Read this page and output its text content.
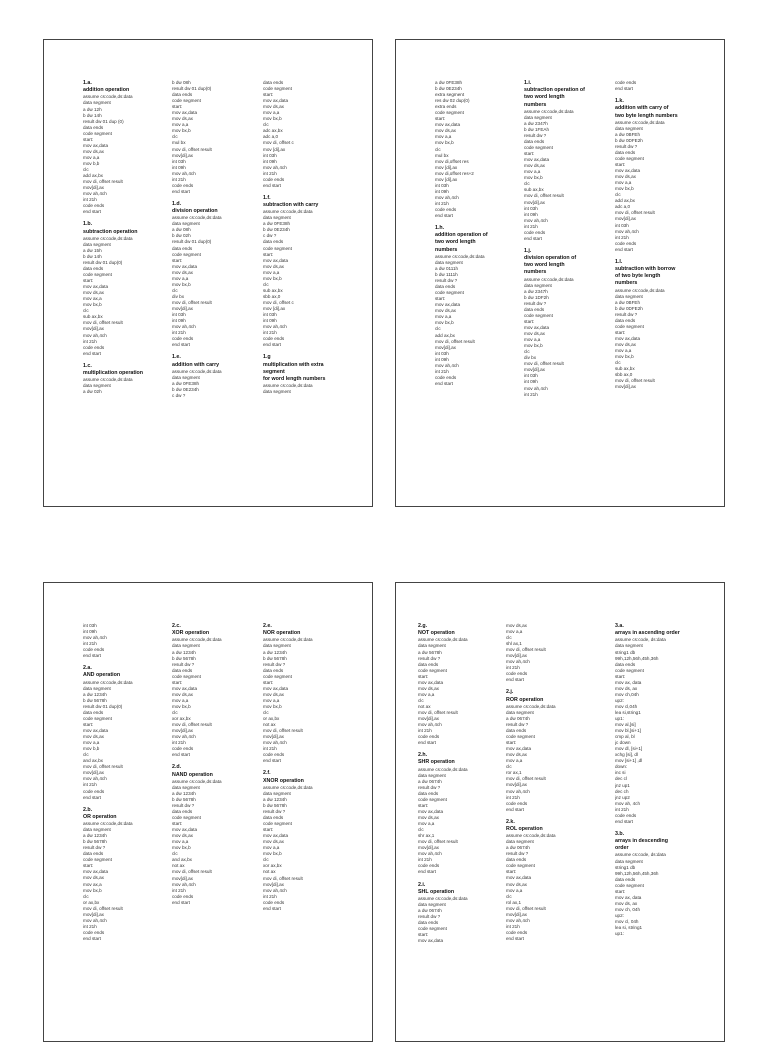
1.a.
addition operation
assume cs:code,ds:data
data segment
a dw 12h
b dw 14h
result dw 01 dup (0)
data ends
code segment
start:
mov ax,data
mov ds,ax
mov a,a
mov b,b
clc
add ax,bx
mov di, offset result
mov[di],ax
mov ah,4ch
int 21h
code ends
end start
1.b.
subtraction operation
assume cs:code,ds:data
data segment
a dw 15h
b dw 14h
result dw 01 dup(0)
data ends
code segment
start:
mov ax,data
mov ds,ax
mov ax,a
mov bx,b
clc
sub ax,bx
mov di, offset result
mov[di],ax
mov ah,4ch
int 21h
code ends
end start
1.c.
multiplication operation
assume cs:code,ds:data
data segment
a dw 02h
b dw 08h
result dw 01 dup(0)
data ends
code segment
start:
mov ax,data
mov ds,ax
mov a,a
mov bx,b
clc
mul bx
mov di, offset result
mov[di],ax
int 03h
int 09h
mov ah,4ch
int 21h
code ends
end start
1.d.
division operation
assume cs:code,ds:data
data segment
a dw 08h
b dw 02h
result dw 01 dup(0)
data ends
code segment
start:
mov ax,data
mov ds,ax
mov a,a
mov bx,b
clc
div bx
mov di, offset result
mov[di],ax
int 03h
int 09h
mov ah,4ch
int 21h
code ends
end start
1.e.
addition with carry
assume cs:code,ds:data
data segment
a dw 0FE38h
b dw 0E234h
c dw ?
data ends
code segment
start:
mov ax,data
mov ds,ax
mov a,a
mov bx,b
clc
adc ax,bx
adc a,0
mov di, offset c
mov [di],ax
int 03h
int 09h
mov ah,4ch
int 21h
code ends
end start
1.f.
subtraction with carry
assume cs:code,ds:data
data segment
a dw 0FE38h
b dw 0E234h
c dw ?
data ends
code segment
start:
mov ax,data
mov ds,ax
mov a,a
mov bx,b
clc
sub ax,bx
sbb ax,0
mov di, offset c
mov [di],ax
int 03h
int 09h
mov ah,4ch
int 21h
code ends
end start
1.g
multiplication with extra
segment
for word length numbers
assume cs:code,ds:data
data segment
a dw 0FE38h
b dw 0E234h
extra segment
res dw 02 dup(0)
extra ends
code segment
start:
mov ax,data
mov ds,ax
mov a,a
mov bx,b
clc
mul bx
mov di,offset res
mov [di],ax
mov di,offset res+2
mov [di],ax
int 03h
int 09h
mov ah,4ch
int 21h
code ends
end start
1.h.
addition operation of
two word length
numbers
assume cs:code,ds:data
data segment
a dw 0111h
b dw 1111h
result dw ?
data ends
code segment
start:
mov ax,data
mov ds,ax
mov a,a
mov bx,b
clc
add ax,bx
mov di, offset result
mov[di],ax
int 03h
int 09h
mov ah,4ch
int 21h
code ends
end start
1.i.
subtraction operation of
two word length
numbers
assume cs:code,ds:data
data segment
a dw 2347h
b dw 1FEAh
result dw ?
data ends
code segment
start:
mov ax,data
mov ds,ax
mov a,a
mov bx,b
clc
sub ax,bx
mov di, offset result
mov[di],ax
int 03h
int 09h
mov ah,4ch
int 21h
code ends
end start
1.j.
division operation of
two word length
numbers
assume cs:code,ds:data
data segment
a dw 2347h
b dw 1DF2h
result dw ?
data ends
code segment
start:
mov ax,data
mov ds,ax
mov a,a
mov bx,b
clc
div bx
mov di, offset result
mov[di],ax
int 03h
int 09h
mov ah,4ch
int 21h
code ends
end start
1.k.
addition with carry of
two byte length numbers
assume cs:code,ds:data
data segment
a dw 0BFEh
b dw 0DFE2h
result dw ?
data ends
code segment
start:
mov ax,data
mov ds,ax
mov a,a
mov bx,b
clc
add ax,bx
adc a,0
mov di, offset result
mov[di],ax
int 03h
mov ah,4ch
int 21h
code ends
end start
1.l.
subtraction with borrow
of two byte length
numbers
assume cs:code,ds:data
data segment
a dw 0BFEh
b dw 0DFE2h
result dw ?
data ends
code segment
start:
mov ax,data
mov ds,ax
mov a,a
mov bx,b
clc
sub ax,bx
sbb ax,0
mov di, offset result
mov[di],ax
int 03h
int 09h
mov ah,4ch
int 21h
code ends
end start
2.a.
AND operation
assume cs:code,ds:data
data segment
a dw 1234h
b dw 5678h
result dw 01 dup(0)
data ends
code segment
start:
mov ax,data
mov ds,ax
mov a,a
mov b,b
clc
and ax,bx
mov di, offset result
mov[di],ax
mov ah,4ch
int 21h
code ends
end start
2.b.
OR operation
assume cs:code,ds:data
data segment
a dw 1234h
b dw 5678h
result dw ?
data ends
code segment
start:
mov ax,data
mov ds,ax
mov ax,a
mov bx,b
clc
or ax,bx
mov di, offset result
mov[di],ax
mov ah,4ch
int 21h
code ends
end start
2.c.
XOR operation
assume cs:code,ds:data
data segment
a dw 1234h
b dw 5678h
result dw ?
data ends
code segment
start:
mov ax,data
mov ds,ax
mov a,a
mov bx,b
clc
xor ax,bx
mov di, offset result
mov[di],ax
mov ah,4ch
int 21h
code ends
end start
2.d.
NAND operation
assume cs:code,ds:data
data segment
a dw 1234h
b dw 5678h
result dw ?
data ends
code segment
start:
mov ax,data
mov ds,ax
mov a,a
mov bx,b
clc
and ax,bx
not ax
mov di, offset result
mov[di],ax
mov ah,4ch
int 21h
code ends
end start
2.e.
NOR operation
assume cs:code,ds:data
data segment
a dw 1234h
b dw 5678h
result dw ?
data ends
code segment
start:
mov ax,data
mov ds,ax
mov a,a
mov bx,b
clc
or ax,bx
not ax
mov di, offset result
mov[di],ax
mov ah,4ch
int 21h
code ends
end start
2.f.
XNOR operation
assume cs:code,ds:data
data segment
a dw 1234h
b dw 5678h
result dw ?
data ends
code segment
start:
mov ax,data
mov ds,ax
mov a,a
mov bx,b
clc
xor ax,bx
not ax
mov di, offset result
mov[di],ax
mov ah,4ch
int 21h
code ends
end start
2.g.
NOT operation
assume cs:code,ds:data
data segment
a dw 5678h
result dw ?
data ends
code segment
start:
mov ax,data
mov ds,ax
mov a,a
clc
not ax
mov di, offset result
mov[di],ax
mov ah,4ch
int 21h
code ends
end start
2.h.
SHR operation
assume cs:code,ds:data
data segment
a dw 0674h
result dw ?
data ends
code segment
start:
mov ax,data
mov ds,ax
mov a,a
clc
shr ax,1
mov di, offset result
mov[di],ax
mov ah,4ch
int 21h
code ends
end start
2.i.
SHL operation
assume cs:code,ds:data
data segment
a dw 0674h
result dw ?
data ends
code segment
start:
mov ax,data
mov ds,ax
mov a,a
clc
shl ax,1
mov di, offset result
mov[di],ax
mov ah,4ch
int 21h
code ends
end start
2.j.
ROR operation
assume cs:code,ds:data
data segment
a dw 0674h
result dw ?
data ends
code segment
start:
mov ax,data
mov ds,ax
mov a,a
clc
ror ax,1
mov di, offset result
mov[di],ax
mov ah,4ch
int 21h
code ends
end start
2.k.
ROL operation
assume cs:code,ds:data
data segment
a dw 0674h
result dw ?
data ends
code segment
start:
mov ax,data
mov ds,ax
mov a,a
clc
rol ax,1
mov di, offset result
mov[di],ax
mov ah,4ch
int 21h
code ends
end start
3.a.
arrays in ascending order
assume cs:code, ds:data
data segment
string1 db
99h,12h,56h,45h,36h
data ends
code segment
start:
mov ax, data
mov ds, ax
mov ch,04h
up2:
mov cl,04h
lea si,string1
up1:
mov al,[si]
mov bl,[si+1]
cmp al, bl
jc down
mov dl, [si+1]
xchg [si], dl
mov [si+1] ,dl
down:
inc si
dec cl
jnz up1
dec ch
jnz up2
mov ah, 4ch
int 21h
code ends
end start
3.b.
arrays in descending
order
assume cs:code, ds:data
data segment
string1 db
99h,12h,56h,45h,36h
data ends
code segment
start:
mov ax, data
mov ds, ax
mov ch, 04h
up2:
mov cl, 04h
lea si, string1
up1:
